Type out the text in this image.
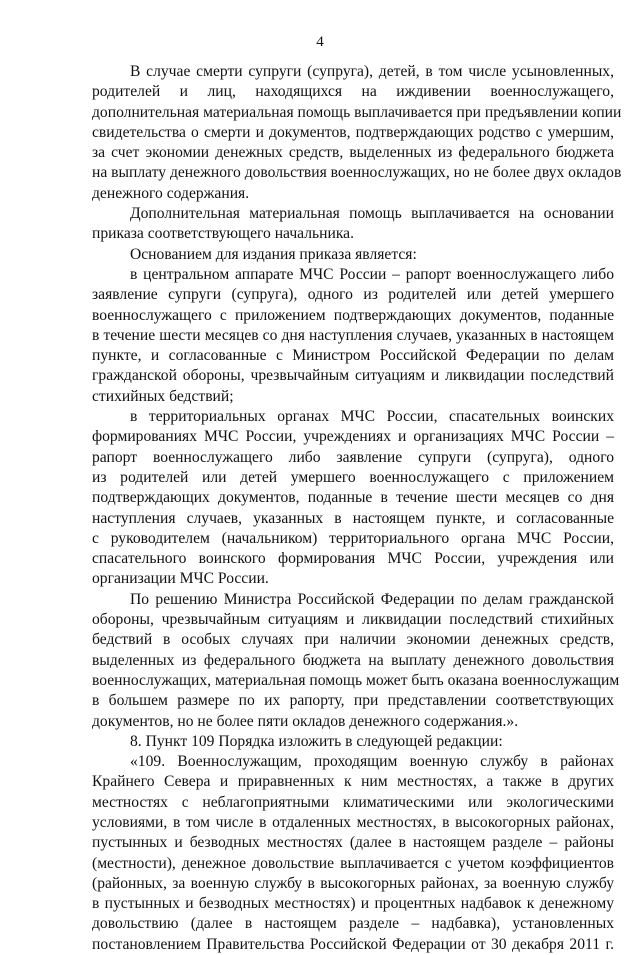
4
В случае смерти супруги (супруга), детей, в том числе усыновленных,
родителей и лиц, находящихся на иждивении военнослужащего,
дополнительная материальная помощь выплачивается при предъявлении копии
свидетельства о смерти и документов, подтверждающих родство с умершим,
за счет экономии денежных средств, выделенных из федерального бюджета
на выплату денежного довольствия военнослужащих, но не более двух окладов
денежного содержания.
Дополнительная материальная помощь выплачивается на основании
приказа соответствующего начальника.
Основанием для издания приказа является:
в центральном аппарате МЧС России – рапорт военнослужащего либо
заявление супруги (супруга), одного из родителей или детей умершего
военнослужащего с приложением подтверждающих документов, поданные
в течение шести месяцев со дня наступления случаев, указанных в настоящем
пункте, и согласованные с Министром Российской Федерации по делам
гражданской обороны, чрезвычайным ситуациям и ликвидации последствий
стихийных бедствий;
в территориальных органах МЧС России, спасательных воинских
формированиях МЧС России, учреждениях и организациях МЧС России –
рапорт военнослужащего либо заявление супруги (супруга), одного
из родителей или детей умершего военнослужащего с приложением
подтверждающих документов, поданные в течение шести месяцев со дня
наступления случаев, указанных в настоящем пункте, и согласованные
с руководителем (начальником) территориального органа МЧС России,
спасательного воинского формирования МЧС России, учреждения или
организации МЧС России.
По решению Министра Российской Федерации по делам гражданской
обороны, чрезвычайным ситуациям и ликвидации последствий стихийных
бедствий в особых случаях при наличии экономии денежных средств,
выделенных из федерального бюджета на выплату денежного довольствия
военнослужащих, материальная помощь может быть оказана военнослужащим
в большем размере по их рапорту, при представлении соответствующих
документов, но не более пяти окладов денежного содержания.».
8. Пункт 109 Порядка изложить в следующей редакции:
«109. Военнослужащим, проходящим военную службу в районах
Крайнего Севера и приравненных к ним местностях, а также в других
местностях с неблагоприятными климатическими или экологическими
условиями, в том числе в отдаленных местностях, в высокогорных районах,
пустынных и безводных местностях (далее в настоящем разделе – районы
(местности), денежное довольствие выплачивается с учетом коэффициентов
(районных, за военную службу в высокогорных районах, за военную службу
в пустынных и безводных местностях) и процентных надбавок к денежному
довольствию (далее в настоящем разделе – надбавка), установленных
постановлением Правительства Российской Федерации от 30 декабря 2011 г.
